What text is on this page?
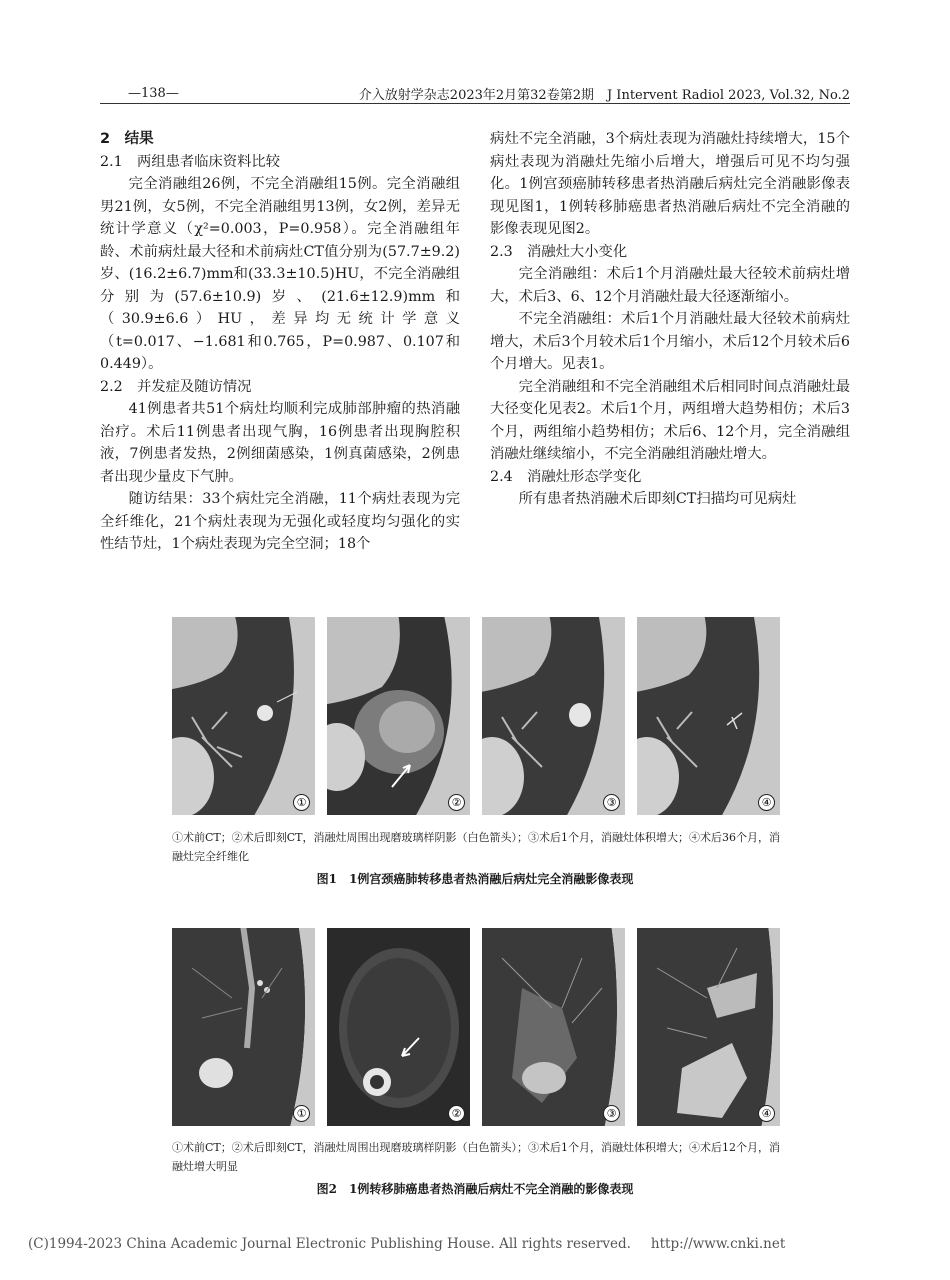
—138—	介入放射学杂志2023年2月第32卷第2期　J Intervent Radiol 2023, Vol.32, No.2

2　结果

2.1　两组患者临床资料比较

完全消融组26例，不完全消融组15例。完全消融组男21例，女5例，不完全消融组男13例，女2例，差异无统计学意义（χ²=0.003，P=0.958）。完全消融组年龄、术前病灶最大径和术前病灶CT值分别为(57.7±9.2)岁、(16.2±6.7)mm和(33.3±10.5)HU，不完全消融组分别为(57.6±10.9)岁、(21.6±12.9)mm和（30.9±6.6）HU，差异均无统计学意义（t=0.017、−1.681和0.765，P=0.987、0.107和0.449）。

2.2　并发症及随访情况

41例患者共51个病灶均顺利完成肺部肿瘤的热消融治疗。术后11例患者出现气胸，16例患者出现胸腔积液，7例患者发热，2例细菌感染，1例真菌感染，2例患者出现少量皮下气肿。

随访结果：33个病灶完全消融，11个病灶表现为完全纤维化，21个病灶表现为无强化或轻度均匀强化的实性结节灶，1个病灶表现为完全空洞；18个

病灶不完全消融，3个病灶表现为消融灶持续增大，15个病灶表现为消融灶先缩小后增大，增强后可见不均匀强化。1例宫颈癌肺转移患者热消融后病灶完全消融影像表现见图1，1例转移肺癌患者热消融后病灶不完全消融的影像表现见图2。

2.3　消融灶大小变化

完全消融组：术后1个月消融灶最大径较术前病灶增大，术后3、6、12个月消融灶最大径逐渐缩小。

不完全消融组：术后1个月消融灶最大径较术前病灶增大，术后3个月较术后1个月缩小，术后12个月较术后6个月增大。见表1。

完全消融组和不完全消融组术后相同时间点消融灶最大径变化见表2。术后1个月，两组增大趋势相仿；术后3个月，两组缩小趋势相仿；术后6、12个月，完全消融组消融灶继续缩小，不完全消融组消融灶增大。

2.4　消融灶形态学变化

所有患者热消融术后即刻CT扫描均可见病灶

①	②	③	④
①术前CT；②术后即刻CT，消融灶周围出现磨玻璃样阴影（白色箭头）；③术后1个月，消融灶体积增大；④术后36个月，消融灶完全纤维化
图1 1例宫颈癌肺转移患者热消融后病灶完全消融影像表现
①	②	③	④
①术前CT；②术后即刻CT，消融灶周围出现磨玻璃样阴影（白色箭头）；③术后1个月，消融灶体积增大；④术后12个月，消融灶增大明显
图2 1例转移肺癌患者热消融后病灶不完全消融的影像表现
(C)1994-2023 China Academic Journal Electronic Publishing House. All rights reserved. http://www.cnki.net
